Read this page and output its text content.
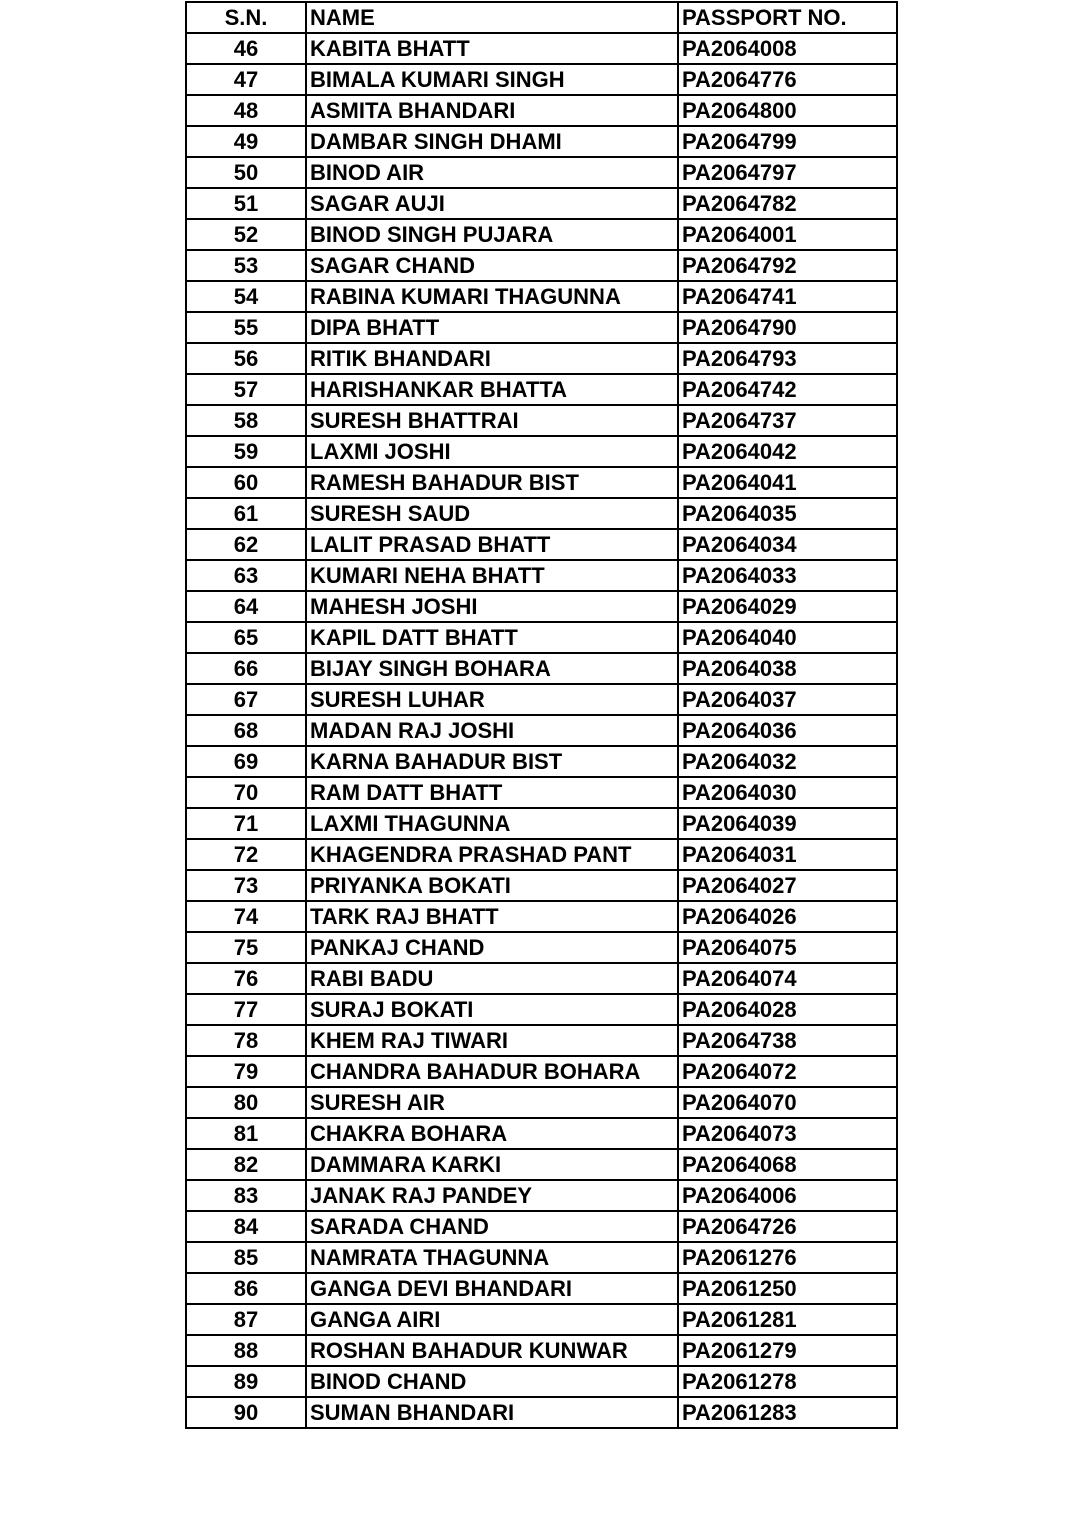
S.N.	NAME	PASSPORT NO.
46	KABITA BHATT	PA2064008
47	BIMALA KUMARI SINGH	PA2064776
48	ASMITA BHANDARI	PA2064800
49	DAMBAR SINGH DHAMI	PA2064799
50	BINOD AIR	PA2064797
51	SAGAR AUJI	PA2064782
52	BINOD SINGH PUJARA	PA2064001
53	SAGAR CHAND	PA2064792
54	RABINA KUMARI THAGUNNA	PA2064741
55	DIPA BHATT	PA2064790
56	RITIK BHANDARI	PA2064793
57	HARISHANKAR BHATTA	PA2064742
58	SURESH BHATTRAI	PA2064737
59	LAXMI JOSHI	PA2064042
60	RAMESH BAHADUR BIST	PA2064041
61	SURESH SAUD	PA2064035
62	LALIT PRASAD BHATT	PA2064034
63	KUMARI NEHA BHATT	PA2064033
64	MAHESH JOSHI	PA2064029
65	KAPIL DATT BHATT	PA2064040
66	BIJAY SINGH BOHARA	PA2064038
67	SURESH LUHAR	PA2064037
68	MADAN RAJ JOSHI	PA2064036
69	KARNA BAHADUR BIST	PA2064032
70	RAM DATT BHATT	PA2064030
71	LAXMI THAGUNNA	PA2064039
72	KHAGENDRA PRASHAD PANT	PA2064031
73	PRIYANKA BOKATI	PA2064027
74	TARK RAJ BHATT	PA2064026
75	PANKAJ CHAND	PA2064075
76	RABI BADU	PA2064074
77	SURAJ BOKATI	PA2064028
78	KHEM RAJ TIWARI	PA2064738
79	CHANDRA BAHADUR BOHARA	PA2064072
80	SURESH AIR	PA2064070
81	CHAKRA BOHARA	PA2064073
82	DAMMARA KARKI	PA2064068
83	JANAK RAJ PANDEY	PA2064006
84	SARADA CHAND	PA2064726
85	NAMRATA THAGUNNA	PA2061276
86	GANGA DEVI BHANDARI	PA2061250
87	GANGA AIRI	PA2061281
88	ROSHAN BAHADUR KUNWAR	PA2061279
89	BINOD CHAND	PA2061278
90	SUMAN BHANDARI	PA2061283
